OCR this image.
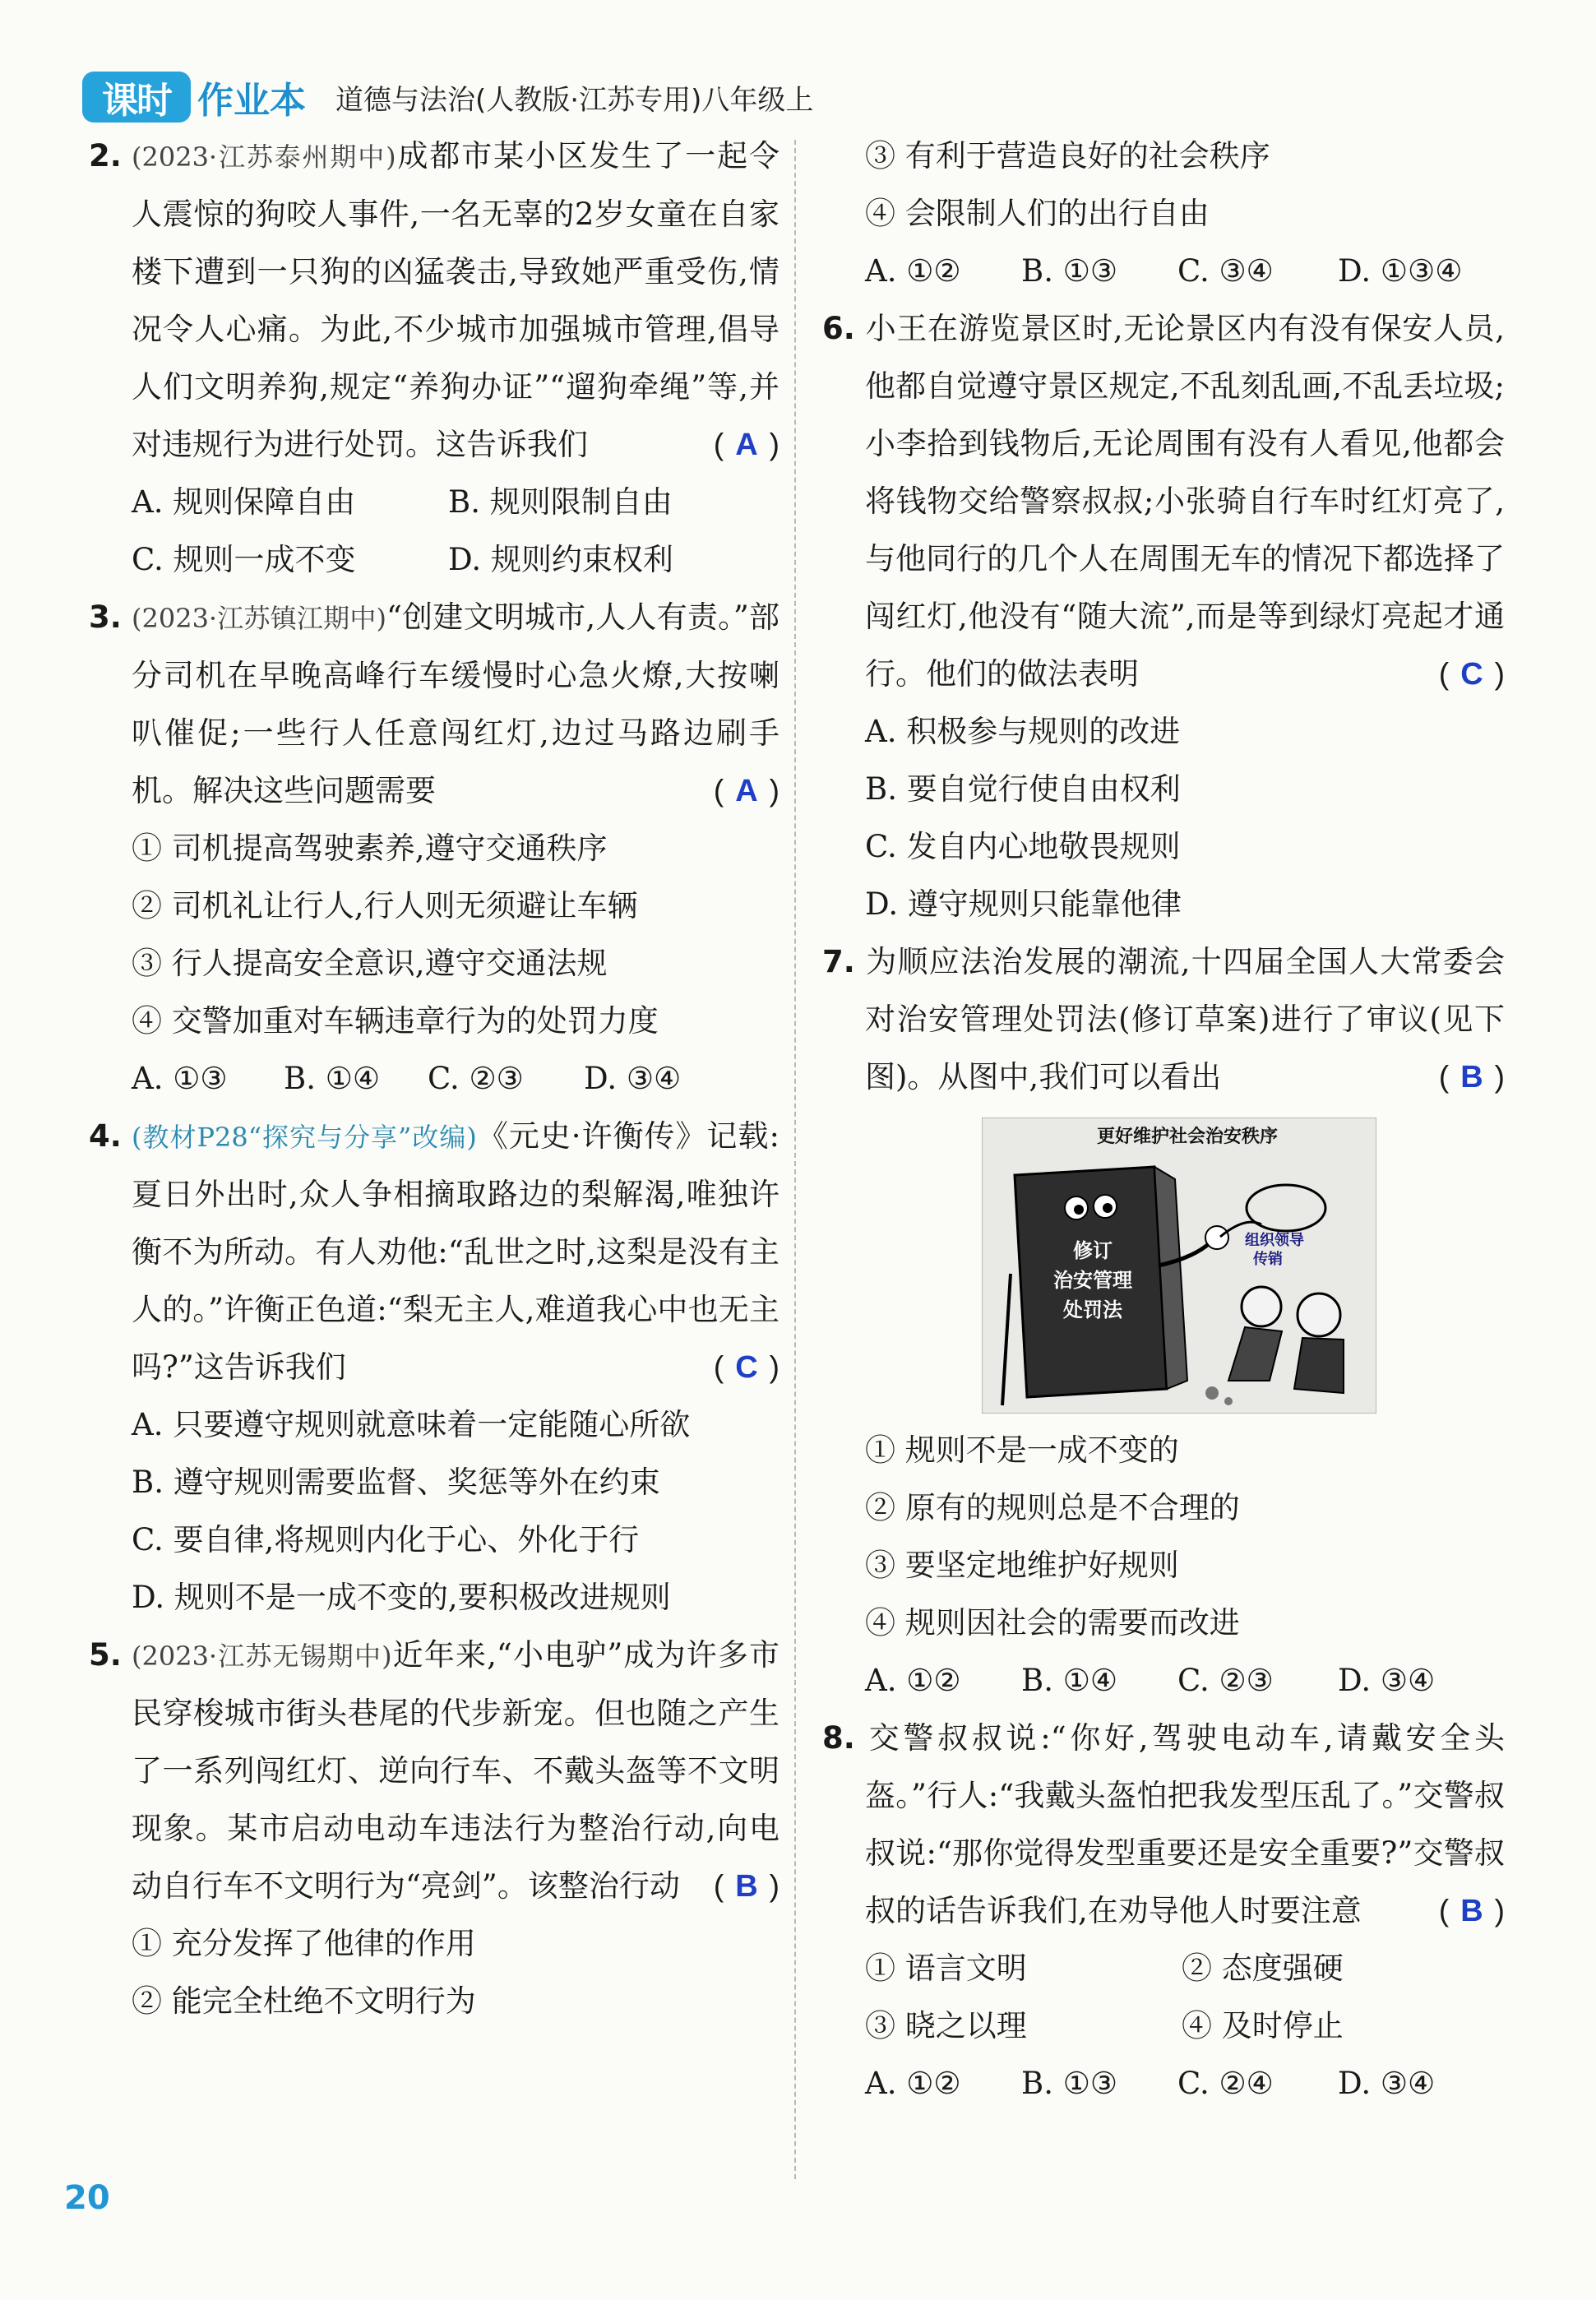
课时 作业本 道德与法治(人教版·江苏专用)八年级上

2. (2023·江苏泰州期中)成都市某小区发生了一起令人震惊的狗咬人事件,一名无辜的2岁女童在自家楼下遭到一只狗的凶猛袭击,导致她严重受伤,情况令人心痛。为此,不少城市加强城市管理,倡导人们文明养狗,规定“养狗办证”“遛狗牵绳”等,并对违规行为进行处罚。这告诉我们	( A )

A. 规则保障自由	B. 规则限制自由
C. 规则一成不变	D. 规则约束权利

3. (2023·江苏镇江期中)“创建文明城市,人人有责。”部分司机在早晚高峰行车缓慢时心急火燎,大按喇叭催促;一些行人任意闯红灯,边过马路边刷手机。解决这些问题需要	( A )

① 司机提高驾驶素养,遵守交通秩序

② 司机礼让行人,行人则无须避让车辆

③ 行人提高安全意识,遵守交通法规

④ 交警加重对车辆违章行为的处罚力度

A. ①③	B. ①④	C. ②③	D. ③④

4. (教材P28“探究与分享”改编)《元史·许衡传》记载:夏日外出时,众人争相摘取路边的梨解渴,唯独许衡不为所动。有人劝他:“乱世之时,这梨是没有主人的。”许衡正色道:“梨无主人,难道我心中也无主吗?”这告诉我们	( C )

A. 只要遵守规则就意味着一定能随心所欲

B. 遵守规则需要监督、奖惩等外在约束

C. 要自律,将规则内化于心、外化于行

D. 规则不是一成不变的,要积极改进规则

5. (2023·江苏无锡期中)近年来,“小电驴”成为许多市民穿梭城市街头巷尾的代步新宠。但也随之产生了一系列闯红灯、逆向行车、不戴头盔等不文明现象。某市启动电动车违法行为整治行动,向电动自行车不文明行为“亮剑”。该整治行动 ( B )

① 充分发挥了他律的作用

② 能完全杜绝不文明行为

③ 有利于营造良好的社会秩序

④ 会限制人们的出行自由

A. ①②	B. ①③	C. ③④	D. ①③④

6. 小王在游览景区时,无论景区内有没有保安人员,他都自觉遵守景区规定,不乱刻乱画,不乱丢垃圾;小李拾到钱物后,无论周围有没有人看见,他都会将钱物交给警察叔叔;小张骑自行车时红灯亮了,与他同行的几个人在周围无车的情况下都选择了闯红灯,他没有“随大流”,而是等到绿灯亮起才通行。他们的做法表明	( C )

A. 积极参与规则的改进

B. 要自觉行使自由权利

C. 发自内心地敬畏规则

D. 遵守规则只能靠他律

7. 为顺应法治发展的潮流,十四届全国人大常委会对治安管理处罚法(修订草案)进行了审议(见下图)。从图中,我们可以看出	( B )

更好维护社会治安秩序
修订
治安管理
处罚法
组织领导
传销

① 规则不是一成不变的

② 原有的规则总是不合理的

③ 要坚定地维护好规则

④ 规则因社会的需要而改进

A. ①②	B. ①④	C. ②③	D. ③④

8. 交警叔叔说:“你好,驾驶电动车,请戴安全头盔。”行人:“我戴头盔怕把我发型压乱了。”交警叔叔说:“那你觉得发型重要还是安全重要?”交警叔叔的话告诉我们,在劝导他人时要注意	( B )

① 语言文明	② 态度强硬
③ 晓之以理	④ 及时停止
A. ①②	B. ①③	C. ②④	D. ③④
20
